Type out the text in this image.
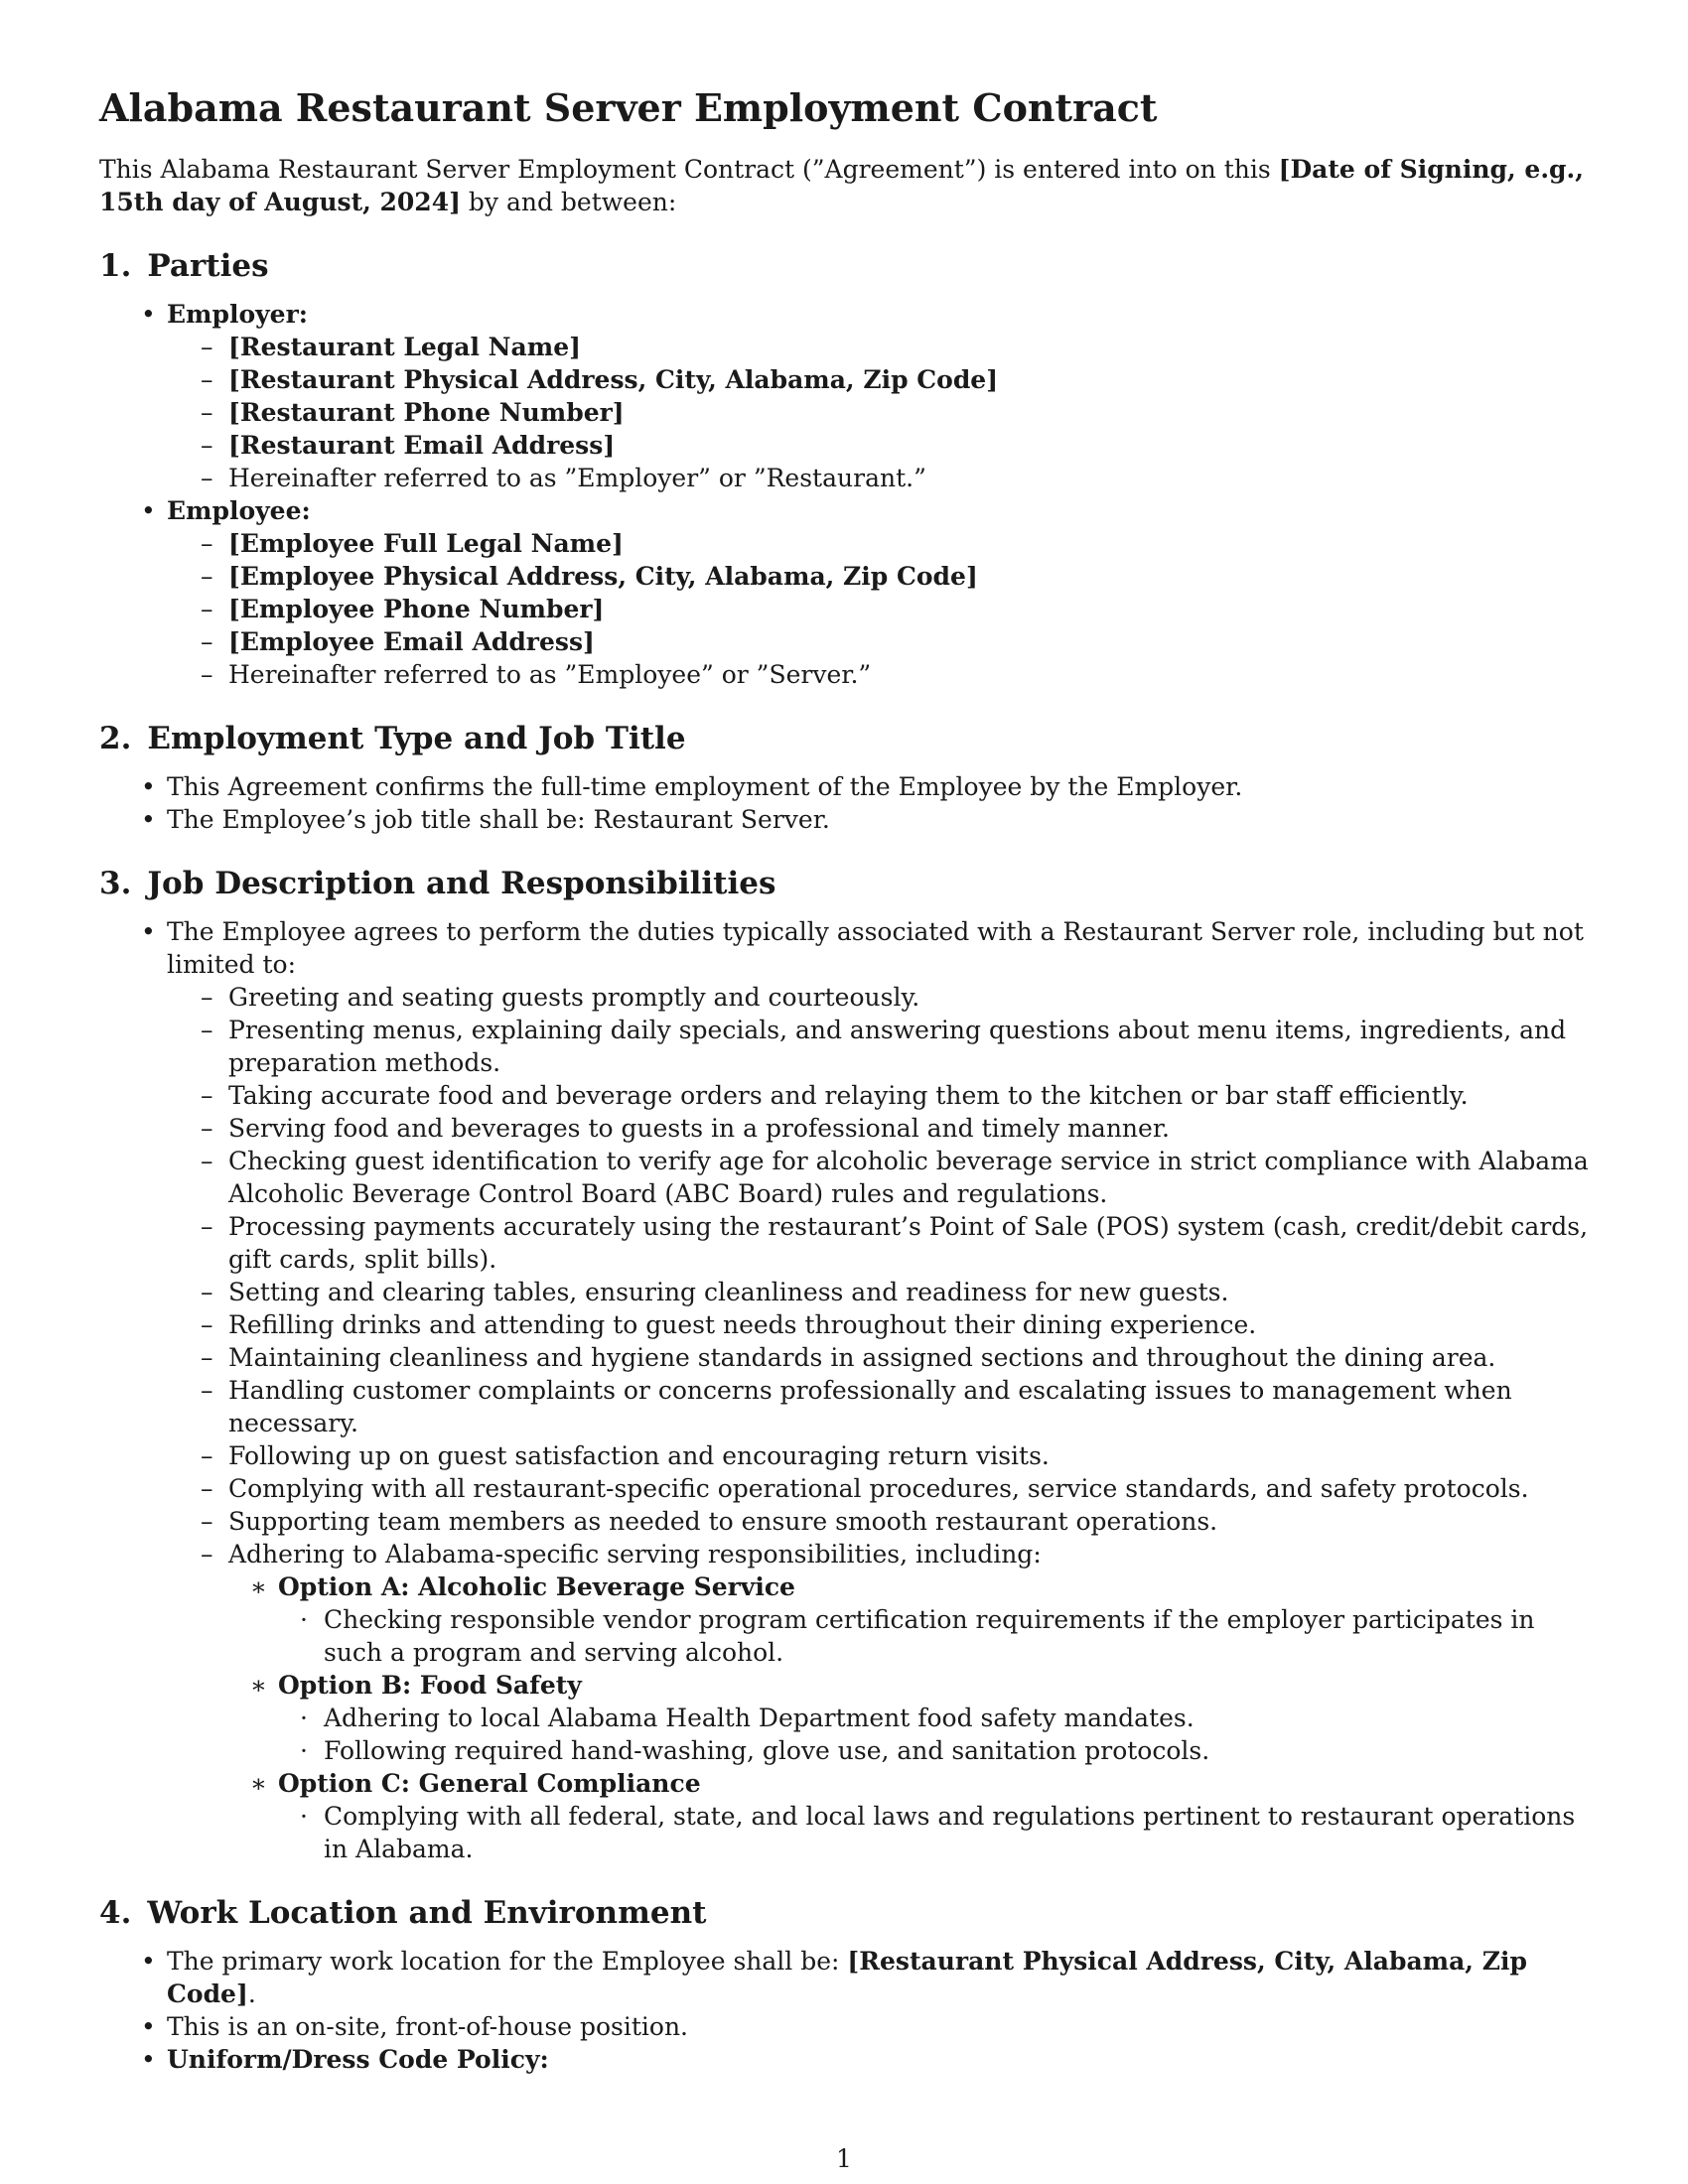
Alabama Restaurant Server Employment Contract

This Alabama Restaurant Server Employment Contract (”Agreement”) is entered into on this [Date of Signing, e.g., 15th day of August, 2024] by and between:

1. Parties
• Employer:
– [Restaurant Legal Name]
– [Restaurant Physical Address, City, Alabama, Zip Code]
– [Restaurant Phone Number]
– [Restaurant Email Address]
– Hereinafter referred to as ”Employer” or ”Restaurant.”
• Employee:
– [Employee Full Legal Name]
– [Employee Physical Address, City, Alabama, Zip Code]
– [Employee Phone Number]
– [Employee Email Address]
– Hereinafter referred to as ”Employee” or ”Server.”
2. Employment Type and Job Title
• This Agreement confirms the full-time employment of the Employee by the Employer.
• The Employee’s job title shall be: Restaurant Server.
3. Job Description and Responsibilities
• The Employee agrees to perform the duties typically associated with a Restaurant Server role, including but not limited to:
– Greeting and seating guests promptly and courteously.
– Presenting menus, explaining daily specials, and answering questions about menu items, ingredients, and preparation methods.
– Taking accurate food and beverage orders and relaying them to the kitchen or bar staff efficiently.
– Serving food and beverages to guests in a professional and timely manner.
– Checking guest identification to verify age for alcoholic beverage service in strict compliance with Alabama Alcoholic Beverage Control Board (ABC Board) rules and regulations.
– Processing payments accurately using the restaurant’s Point of Sale (POS) system (cash, credit/debit cards, gift cards, split bills).
– Setting and clearing tables, ensuring cleanliness and readiness for new guests.
– Refilling drinks and attending to guest needs throughout their dining experience.
– Maintaining cleanliness and hygiene standards in assigned sections and throughout the dining area.
– Handling customer complaints or concerns professionally and escalating issues to management when necessary.
– Following up on guest satisfaction and encouraging return visits.
– Complying with all restaurant-specific operational procedures, service standards, and safety protocols.
– Supporting team members as needed to ensure smooth restaurant operations.
– Adhering to Alabama-specific serving responsibilities, including:
∗ Option A: Alcoholic Beverage Service
· Checking responsible vendor program certification requirements if the employer participates in such a program and serving alcohol.
∗ Option B: Food Safety
· Adhering to local Alabama Health Department food safety mandates.
· Following required hand-washing, glove use, and sanitation protocols.
∗ Option C: General Compliance
· Complying with all federal, state, and local laws and regulations pertinent to restaurant operations in Alabama.
4. Work Location and Environment
• The primary work location for the Employee shall be: [Restaurant Physical Address, City, Alabama, Zip Code].
• This is an on-site, front-of-house position.
• Uniform/Dress Code Policy:
1
